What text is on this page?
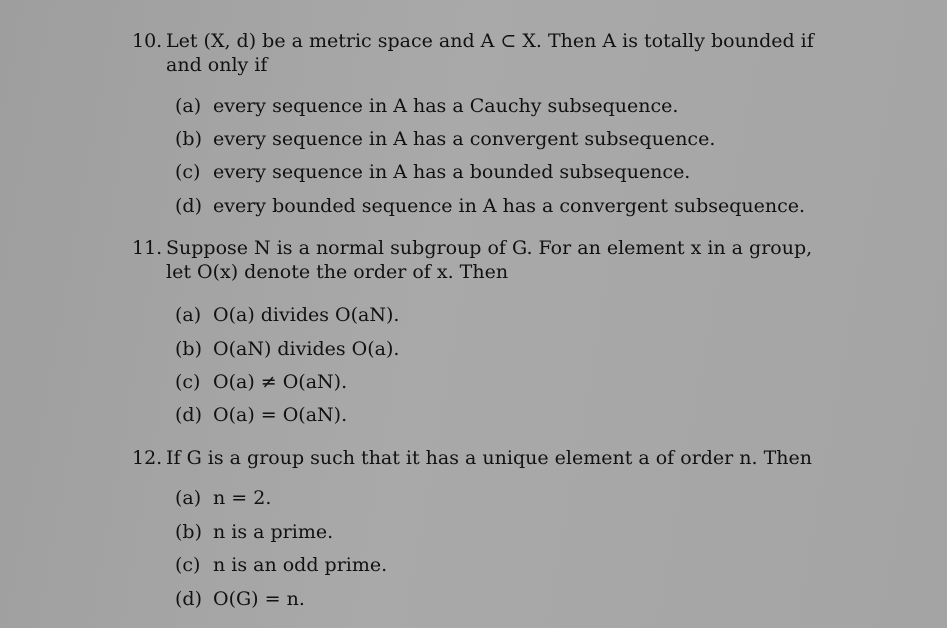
10. Let (X, d) be a metric space and A ⊂ X. Then A is totally bounded if
and only if
(a) every sequence in A has a Cauchy subsequence.
(b) every sequence in A has a convergent subsequence.
(c) every sequence in A has a bounded subsequence.
(d) every bounded sequence in A has a convergent subsequence.
11. Suppose N is a normal subgroup of G. For an element x in a group,
let O(x) denote the order of x. Then
(a) O(a) divides O(aN).
(b) O(aN) divides O(a).
(c) O(a) ≠ O(aN).
(d) O(a) = O(aN).
12. If G is a group such that it has a unique element a of order n. Then
(a) n = 2.
(b) n is a prime.
(c) n is an odd prime.
(d) O(G) = n.
